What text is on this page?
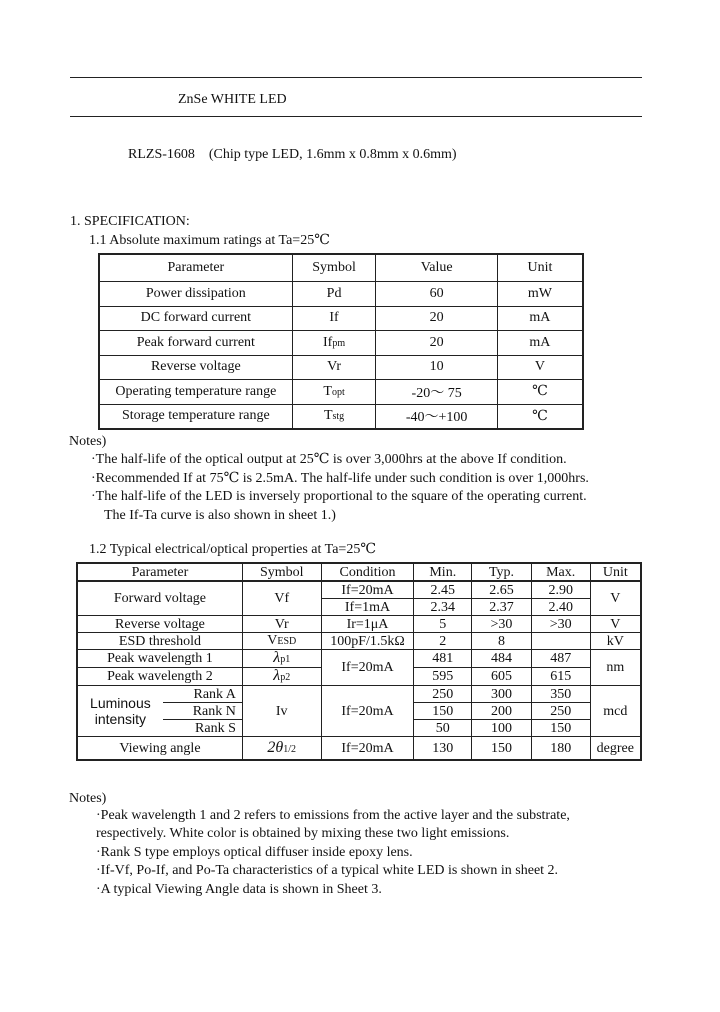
ZnSe WHITE LED
RLZS-1608 (Chip type LED, 1.6mm x 0.8mm x 0.6mm)
1. SPECIFICATION:
1.1 Absolute maximum ratings at Ta=25℃
Parameter	Symbol	Value	Unit
Power dissipation	Pd	60	mW
DC forward current	If	20	mA
Peak forward current	Ifpm	20	mA
Reverse voltage	Vr	10	V
Operating temperature range	Topt	-20～ 75	℃
Storage temperature range	Tstg	-40～+100	℃
Notes)
·The half-life of the optical output at 25℃ is over 3,000hrs at the above If condition.
·Recommended If at 75℃ is 2.5mA. The half-life under such condition is over 1,000hrs.
·The half-life of the LED is inversely proportional to the square of the operating current.
The If-Ta curve is also shown in sheet 1.)
1.2 Typical electrical/optical properties at Ta=25℃
Parameter		Symbol	Condition	Min.	Typ.	Max.	Unit
Forward voltage		Vf	If=20mA	2.45	2.65	2.90	V
			If=1mA	2.34	2.37	2.40	
Reverse voltage		Vr	Ir=1μA	5	>30	>30	V
ESD threshold		VESD	100pF/1.5kΩ	2	8		kV
Peak wavelength 1		λp1	If=20mA	481	484	487	nm
Peak wavelength 2		λp2		595	605	615	
Luminous
intensity	Rank A	Iv	If=20mA	250	300	350	mcd
	Rank N			150	200	250	
	Rank S			50	100	150	
Viewing angle		2θ1/2	If=20mA	130	150	180	degree
Notes)
·Peak wavelength 1 and 2 refers to emissions from the active layer and the substrate,
respectively. White color is obtained by mixing these two light emissions.
·Rank S type employs optical diffuser inside epoxy lens.
·If-Vf, Po-If, and Po-Ta characteristics of a typical white LED is shown in sheet 2.
·A typical Viewing Angle data is shown in Sheet 3.
